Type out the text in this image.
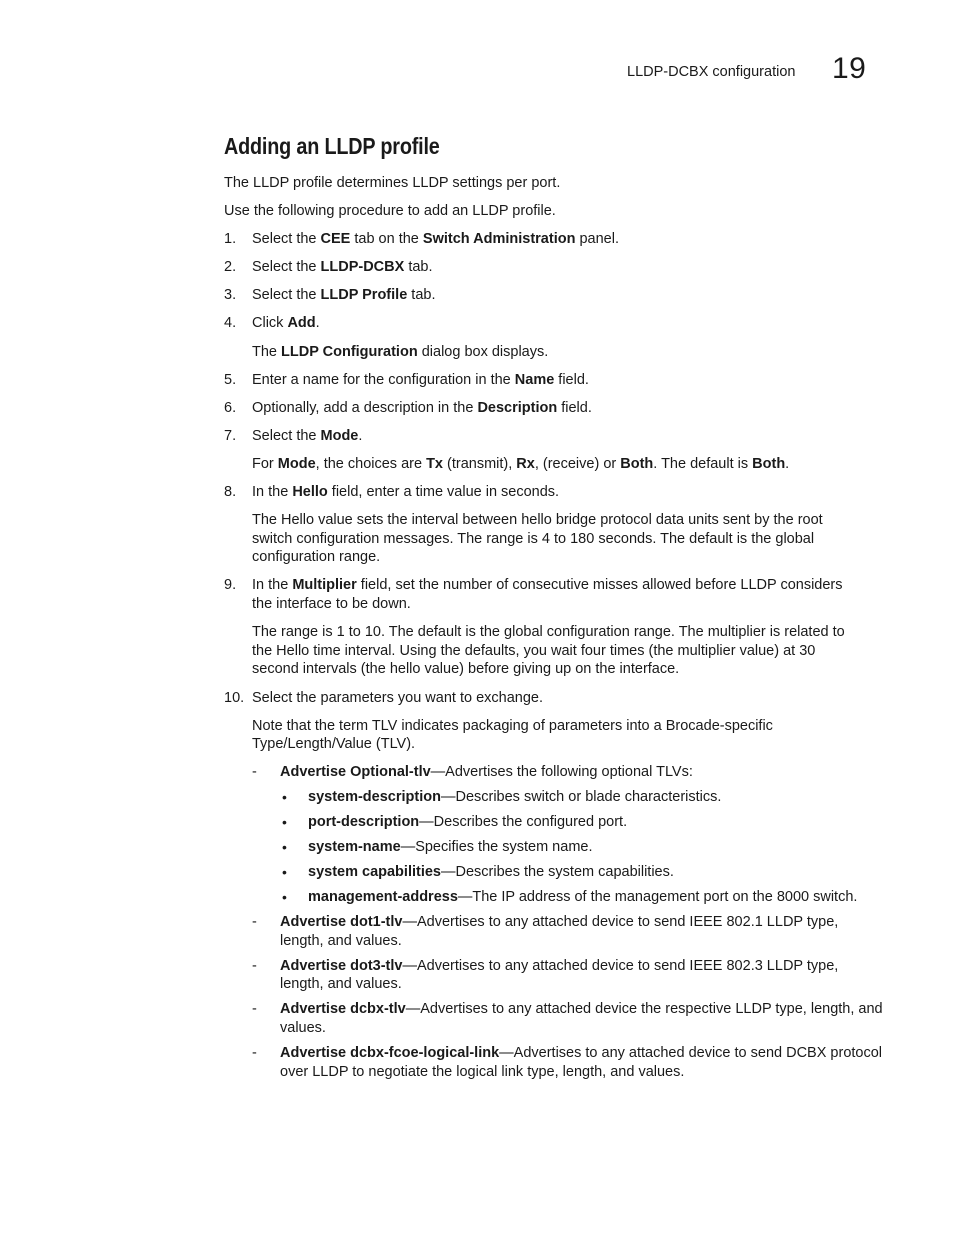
LLDP-DCBX configuration 19
Adding an LLDP profile
The LLDP profile determines LLDP settings per port.
Use the following procedure to add an LLDP profile.
1. Select the CEE tab on the Switch Administration panel.
2. Select the LLDP-DCBX tab.
3. Select the LLDP Profile tab.
4. Click Add.
The LLDP Configuration dialog box displays.
5. Enter a name for the configuration in the Name field.
6. Optionally, add a description in the Description field.
7. Select the Mode.
For Mode, the choices are Tx (transmit), Rx, (receive) or Both. The default is Both.
8. In the Hello field, enter a time value in seconds.
The Hello value sets the interval between hello bridge protocol data units sent by the root
switch configuration messages. The range is 4 to 180 seconds. The default is the global
configuration range.
9. In the Multiplier field, set the number of consecutive misses allowed before LLDP considers
the interface to be down.
The range is 1 to 10. The default is the global configuration range. The multiplier is related to
the Hello time interval. Using the defaults, you wait four times (the multiplier value) at 30
second intervals (the hello value) before giving up on the interface.
10. Select the parameters you want to exchange.
Note that the term TLV indicates packaging of parameters into a Brocade-specific
Type/Length/Value (TLV).
- Advertise Optional-tlv—Advertises the following optional TLVs:
• system-description—Describes switch or blade characteristics.
• port-description—Describes the configured port.
• system-name—Specifies the system name.
• system capabilities—Describes the system capabilities.
• management-address—The IP address of the management port on the 8000 switch.
- Advertise dot1-tlv—Advertises to any attached device to send IEEE 802.1 LLDP type,
length, and values.
- Advertise dot3-tlv—Advertises to any attached device to send IEEE 802.3 LLDP type,
length, and values.
- Advertise dcbx-tlv—Advertises to any attached device the respective LLDP type, length, and
values.
- Advertise dcbx-fcoe-logical-link—Advertises to any attached device to send DCBX protocol
over LLDP to negotiate the logical link type, length, and values.
